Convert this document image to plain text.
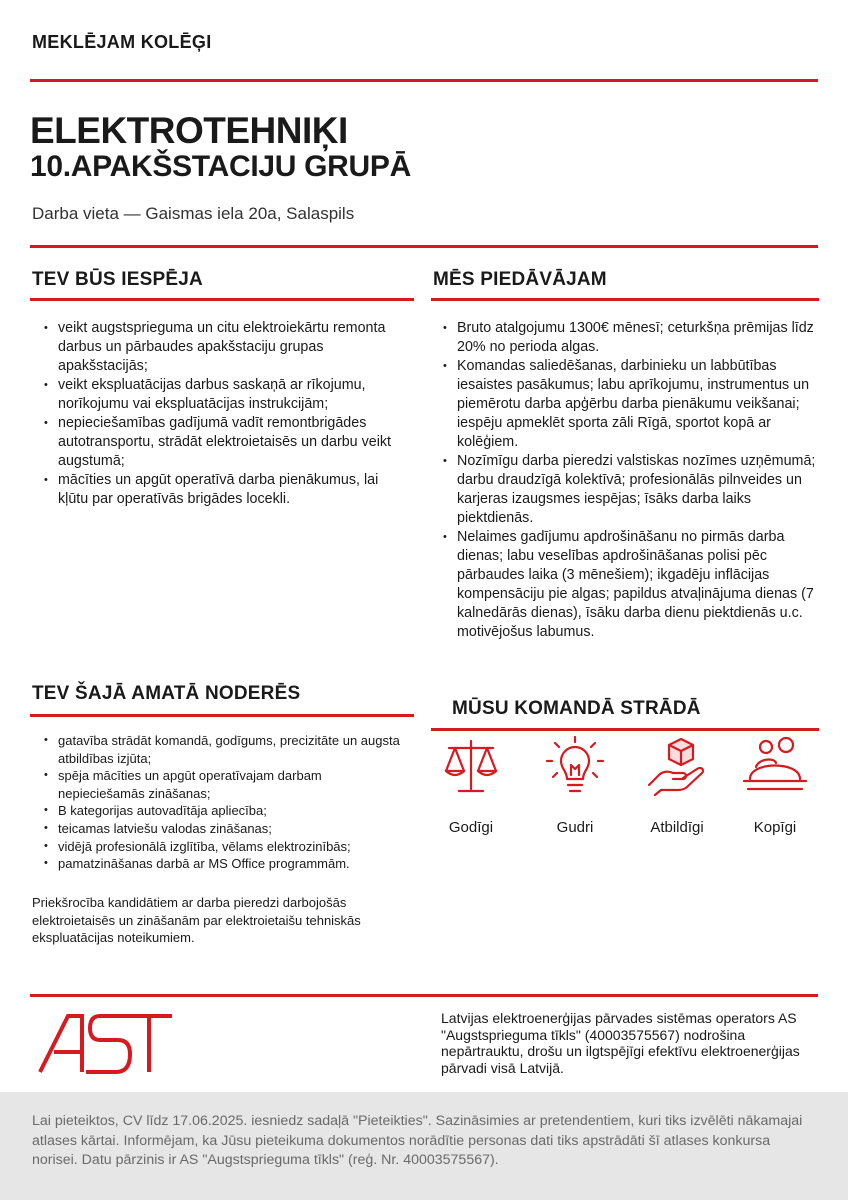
MEKLĒJAM KOLĒĢI
ELEKTROTEHNIĶI
10.APAKŠSTACIJU GRUPĀ
Darba vieta — Gaismas iela 20a, Salaspils
TEV BŪS IESPĒJA
• veikt augstsprieguma un citu elektroiekārtu remonta darbus un pārbaudes apakšstaciju grupas apakšstacijās;
• veikt ekspluatācijas darbus saskaņā ar rīkojumu, norīkojumu vai ekspluatācijas instrukcijām;
• nepieciešamības gadījumā vadīt remontbrigādes autotransportu, strādāt elektroietaisēs un darbu veikt augstumā;
• mācīties un apgūt operatīvā darba pienākumus, lai kļūtu par operatīvās brigādes locekli.
MĒS PIEDĀVĀJAM
• Bruto atalgojumu 1300€ mēnesī; ceturkšņa prēmijas līdz 20% no perioda algas.
• Komandas saliedēšanas, darbinieku un labbūtības iesaistes pasākumus; labu aprīkojumu, instrumentus un piemērotu darba apģērbu darba pienākumu veikšanai; iespēju apmeklēt sporta zāli Rīgā, sportot kopā ar kolēģiem.
• Nozīmīgu darba pieredzi valstiskas nozīmes uzņēmumā; darbu draudzīgā kolektīvā; profesionālās pilnveides un karjeras izaugsmes iespējas; īsāks darba laiks piektdienās.
• Nelaimes gadījumu apdrošināšanu no pirmās darba dienas; labu veselības apdrošināšanas polisi pēc pārbaudes laika (3 mēnešiem); ikgadēju inflācijas kompensāciju pie algas; papildus atvaļinājuma dienas (7 kalnedārās dienas), īsāku darba dienu piektdienās u.c. motivējošus labumus.
TEV ŠAJĀ AMATĀ NODERĒS
• gatavība strādāt komandā, godīgums, precizitāte un augsta atbildības izjūta;
• spēja mācīties un apgūt operatīvajam darbam nepieciešamās zināšanas;
• B kategorijas autovadītāja apliecība;
• teicamas latviešu valodas zināšanas;
• vidējā profesionālā izglītība, vēlams elektrozinībās;
• pamatzināšanas darbā ar MS Office programmām.
Priekšrocība kandidātiem ar darba pieredzi darbojošās elektroietaisēs un zināšanām par elektroietaišu tehniskās ekspluatācijas noteikumiem.
MŪSU KOMANDĀ STRĀDĀ
Godīgi	Gudri	Atbildīgi	Kopīgi
Latvijas elektroenerģijas pārvades sistēmas operators AS "Augstsprieguma tīkls" (40003575567) nodrošina nepārtrauktu, drošu un ilgtspējīgi efektīvu elektroenerģijas pārvadi visā Latvijā.
Lai pieteiktos, CV līdz 17.06.2025. iesniedz sadaļā "Pieteikties". Sazināsimies ar pretendentiem, kuri tiks izvēlēti nākamajai atlases kārtai. Informējam, ka Jūsu pieteikuma dokumentos norādītie personas dati tiks apstrādāti šī atlases konkursa norisei. Datu pārzinis ir AS "Augstsprieguma tīkls" (reģ. Nr. 40003575567).
